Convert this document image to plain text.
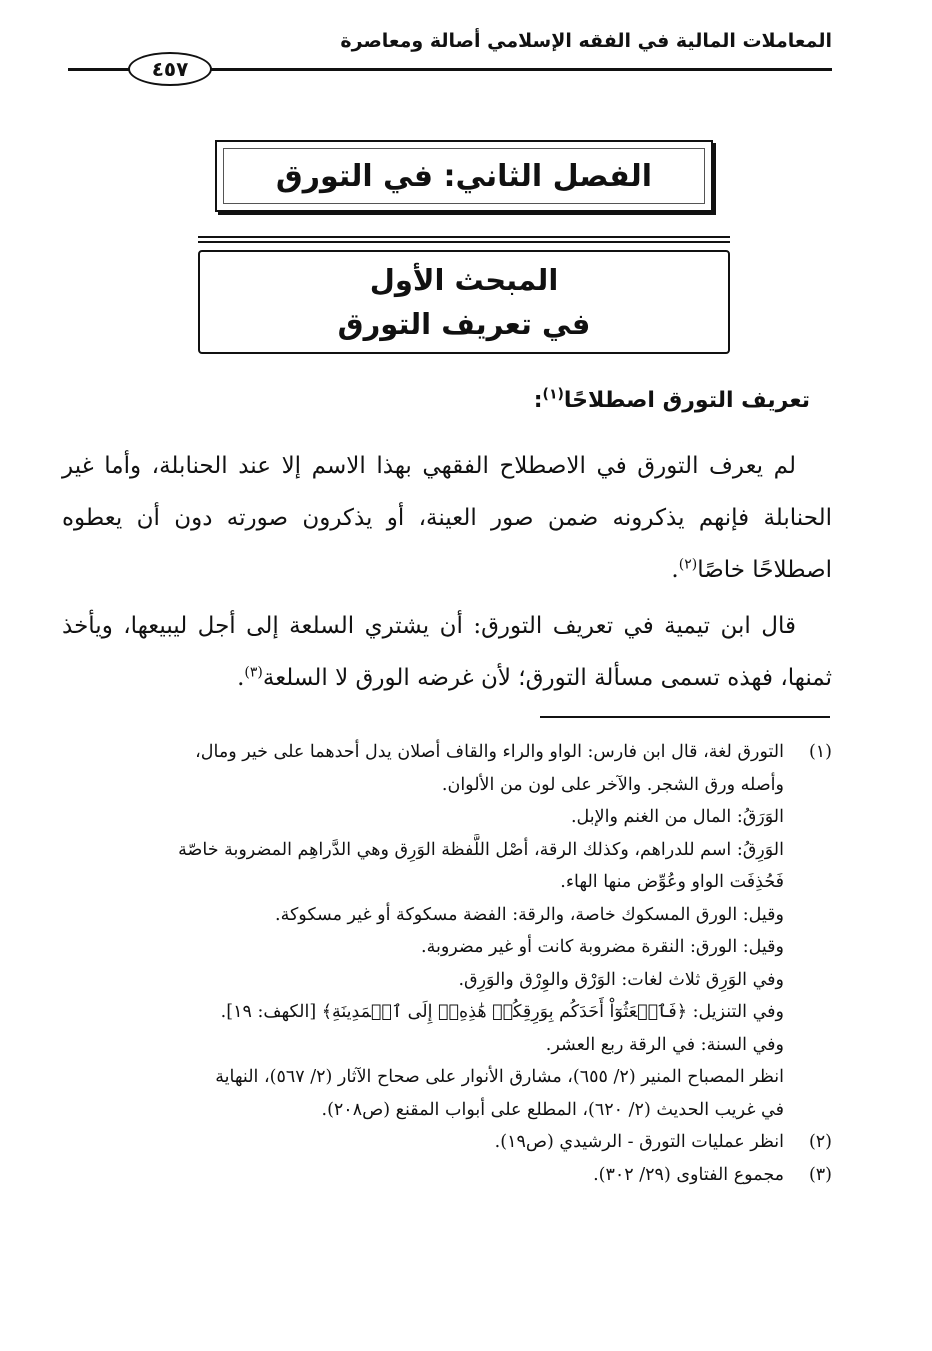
المعاملات المالية في الفقه الإسلامي أصالة ومعاصرة
٤٥٧
الفصل الثاني: في التورق
المبحث الأول
في تعريف التورق
تعريف التورق اصطلاحًا$^{(١)}$:
لم يعرف التورق في الاصطلاح الفقهي بهذا الاسم إلا عند الحنابلة، وأما غير الحنابلة فإنهم يذكرونه ضمن صور العينة، أو يذكرون صورته دون أن يعطوه اصطلاحًا خاصًا$^{(٢)}$.
قال ابن تيمية في تعريف التورق: أن يشتري السلعة إلى أجل ليبيعها، ويأخذ ثمنها، فهذه تسمى مسألة التورق؛ لأن غرضه الورق لا السلعة$^{(٣)}$.
(١)التورق لغة، قال ابن فارس: الواو والراء والقاف أصلان يدل أحدهما على خير ومال،
وأصله ورق الشجر. والآخر على لون من الألوان.
الوَرَقُ: المال من الغنم والإبل.
الوَرِقُ: اسم للدراهم، وكذلك الرقة، أصْل اللَّفظة الوَرِق وهي الدَّراهِم المضروبة خاصّة
فَحُذِفَت الواو وعُوِّض منها الهاء.
وقيل: الورق المسكوك خاصة، والرقة: الفضة مسكوكة أو غير مسكوكة.
وقيل: الورق: النقرة مضروبة كانت أو غير مضروبة.
وفي الوَرِق ثلاث لغات: الوَرْق والوِرْق والوَرِق.
وفي التنزيل: ﴿فَٱبۡعَثُوٓاْ أَحَدَكُم بِوَرِقِكُمۡ هَٰذِهِۦٓ إِلَى ٱلۡمَدِينَةِ﴾ [الكهف: ١٩].
وفي السنة: في الرقة ربع العشر.
انظر المصباح المنير (٢/ ٦٥٥)، مشارق الأنوار على صحاح الآثار (٢/ ٥٦٧)، النهاية
في غريب الحديث (٢/ ٦٢٠)، المطلع على أبواب المقنع (ص٢٠٨).
(٢)انظر عمليات التورق - الرشيدي (ص١٩).
(٣)مجموع الفتاوى (٢٩/ ٣٠٢).
